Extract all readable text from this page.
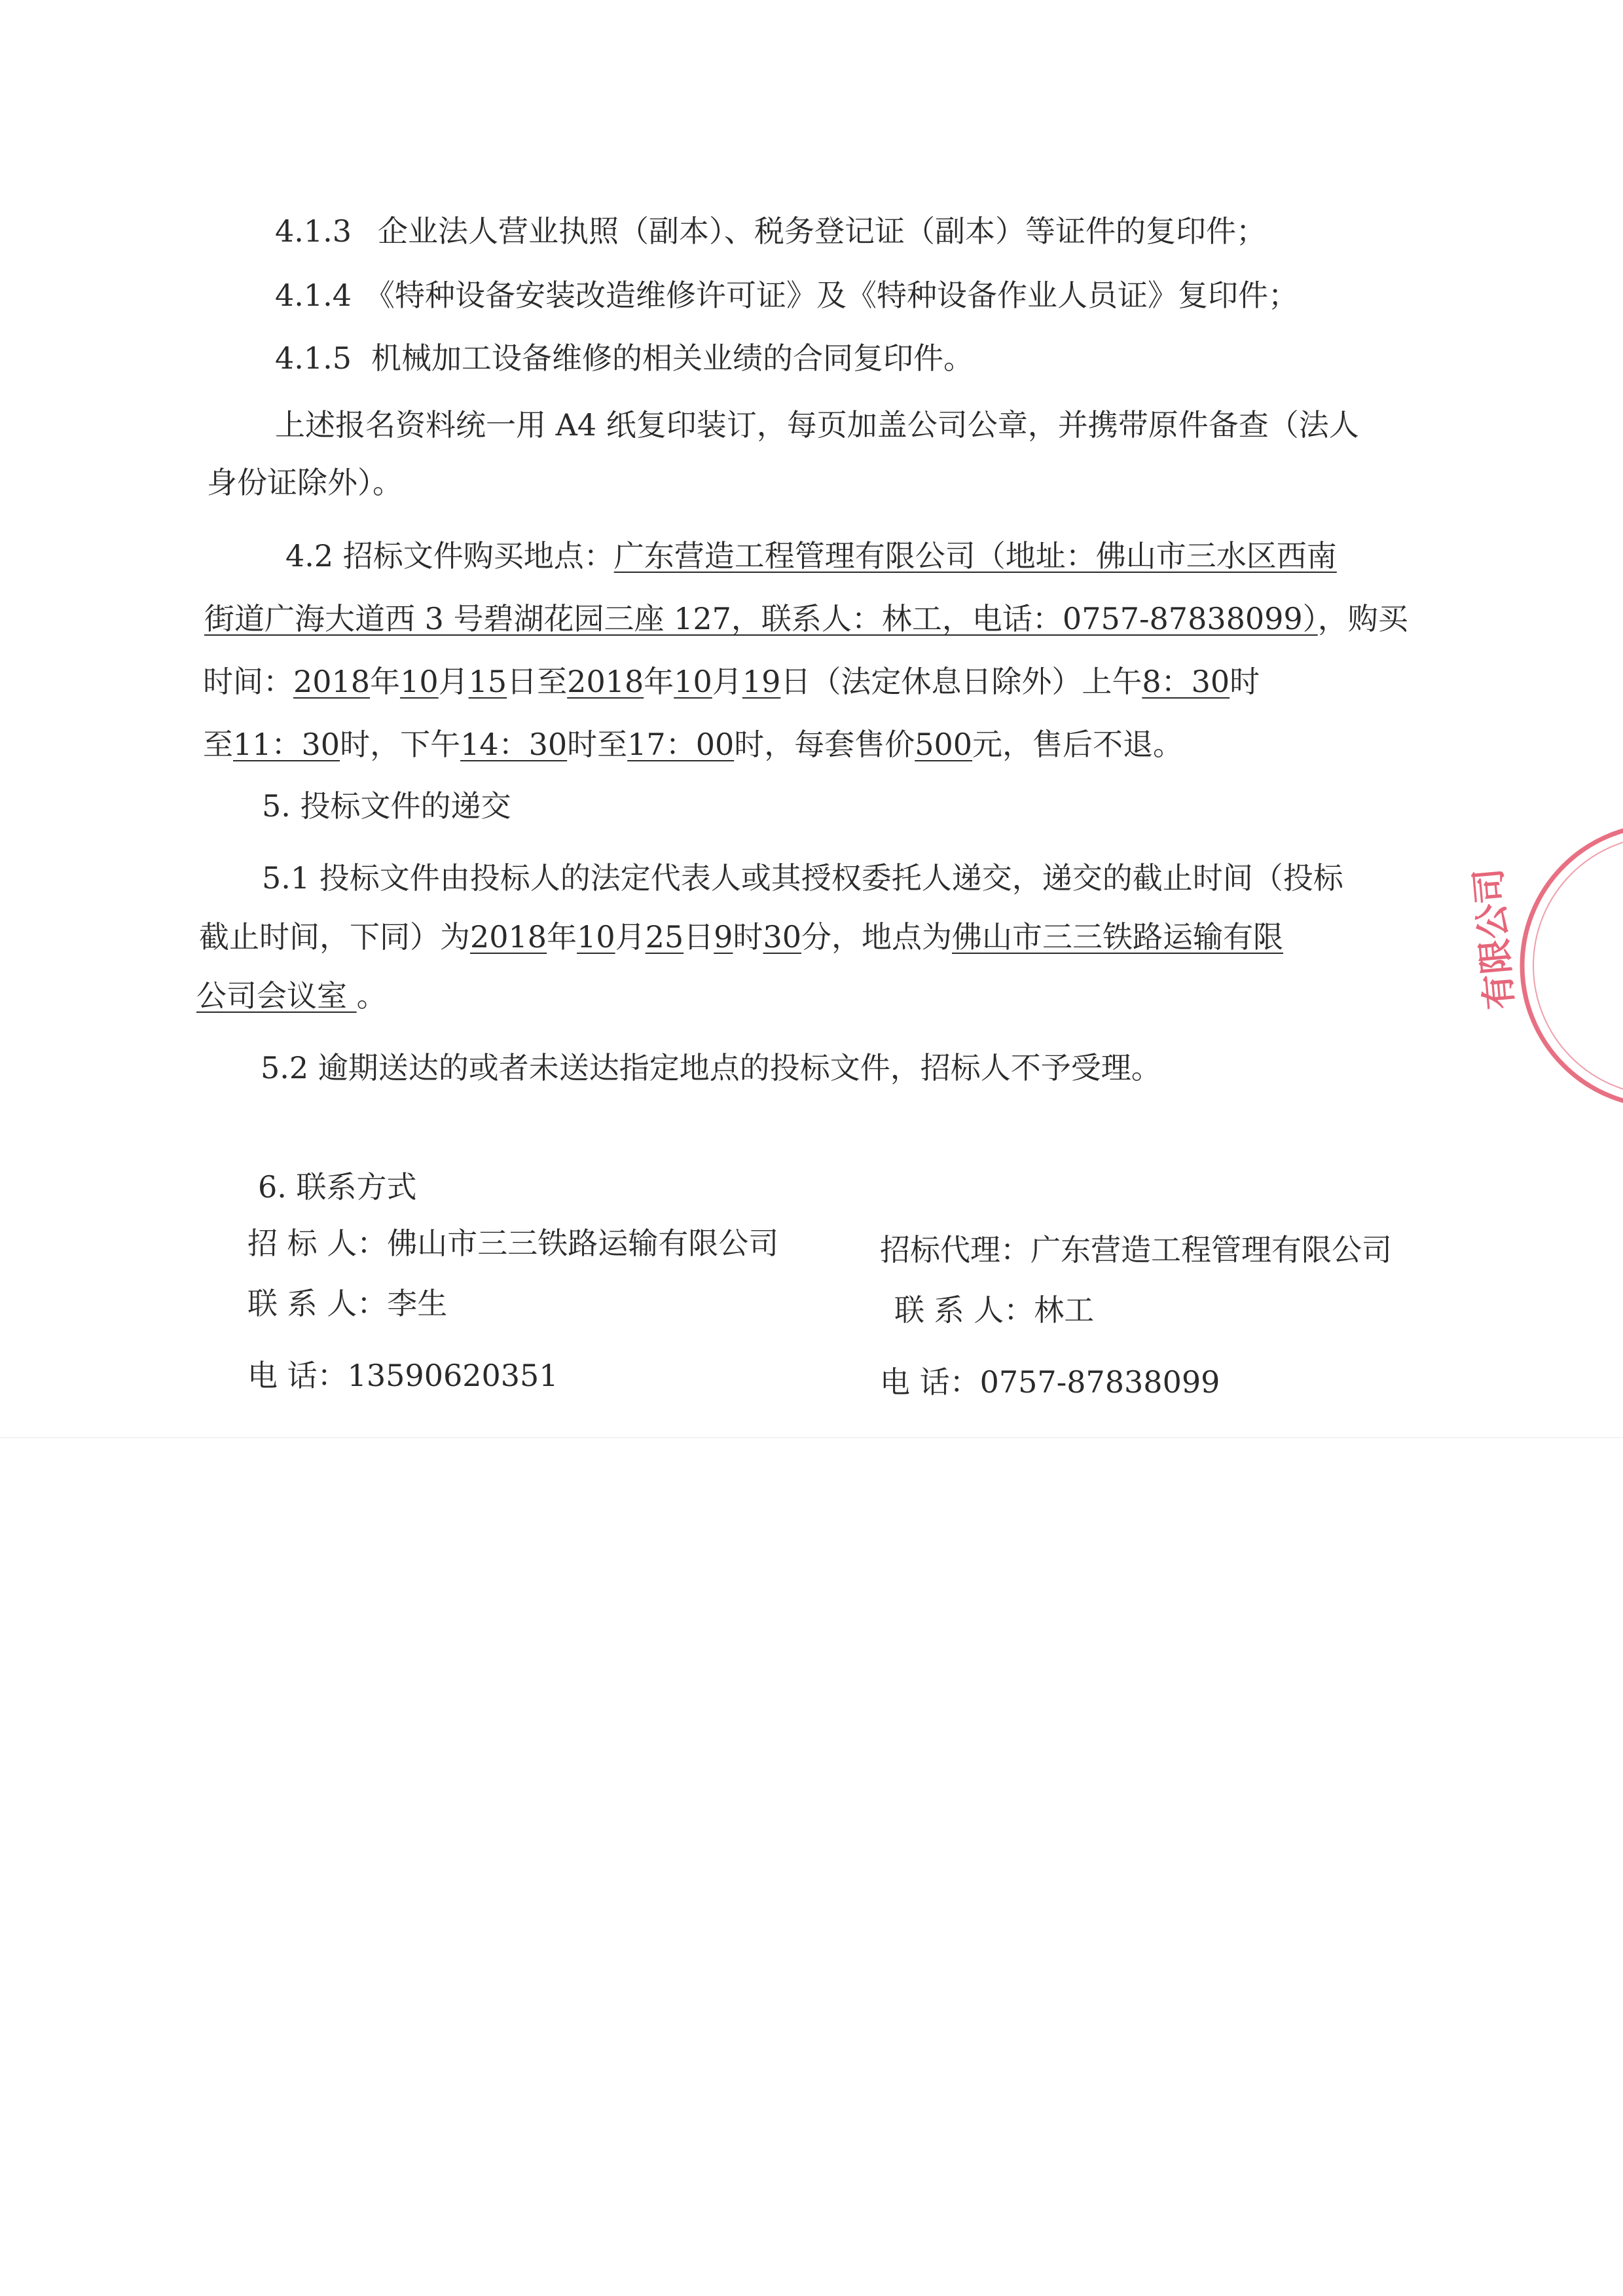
4.1.3 企业法人营业执照（副本）、税务登记证（副本）等证件的复印件；
4.1.4 《特种设备安装改造维修许可证》及《特种设备作业人员证》复印件；
4.1.5 机械加工设备维修的相关业绩的合同复印件。
上述报名资料统一用 A4 纸复印装订，每页加盖公司公章，并携带原件备查（法人
身份证除外）。
4.2 招标文件购买地点：广东营造工程管理有限公司（地址：佛山市三水区西南
街道广海大道西 3 号碧湖花园三座 127，联系人：林工，电话：0757-87838099），购买
时间：2018年10月15日至2018年10月19日（法定休息日除外）上午8：30时
至11：30时，下午14：30时至17：00时，每套售价500元，售后不退。
5. 投标文件的递交
5.1 投标文件由投标人的法定代表人或其授权委托人递交，递交的截止时间（投标
截止时间，下同）为2018年10月25日9时30分，地点为佛山市三三铁路运输有限
公司会议室 。
5.2 逾期送达的或者未送达指定地点的投标文件，招标人不予受理。
6. 联系方式
招 标 人：佛山市三三铁路运输有限公司	招标代理：广东营造工程管理有限公司
联 系 人：李生	联 系 人：林工
电 话：13590620351	电 话：0757-87838099
有限公司
